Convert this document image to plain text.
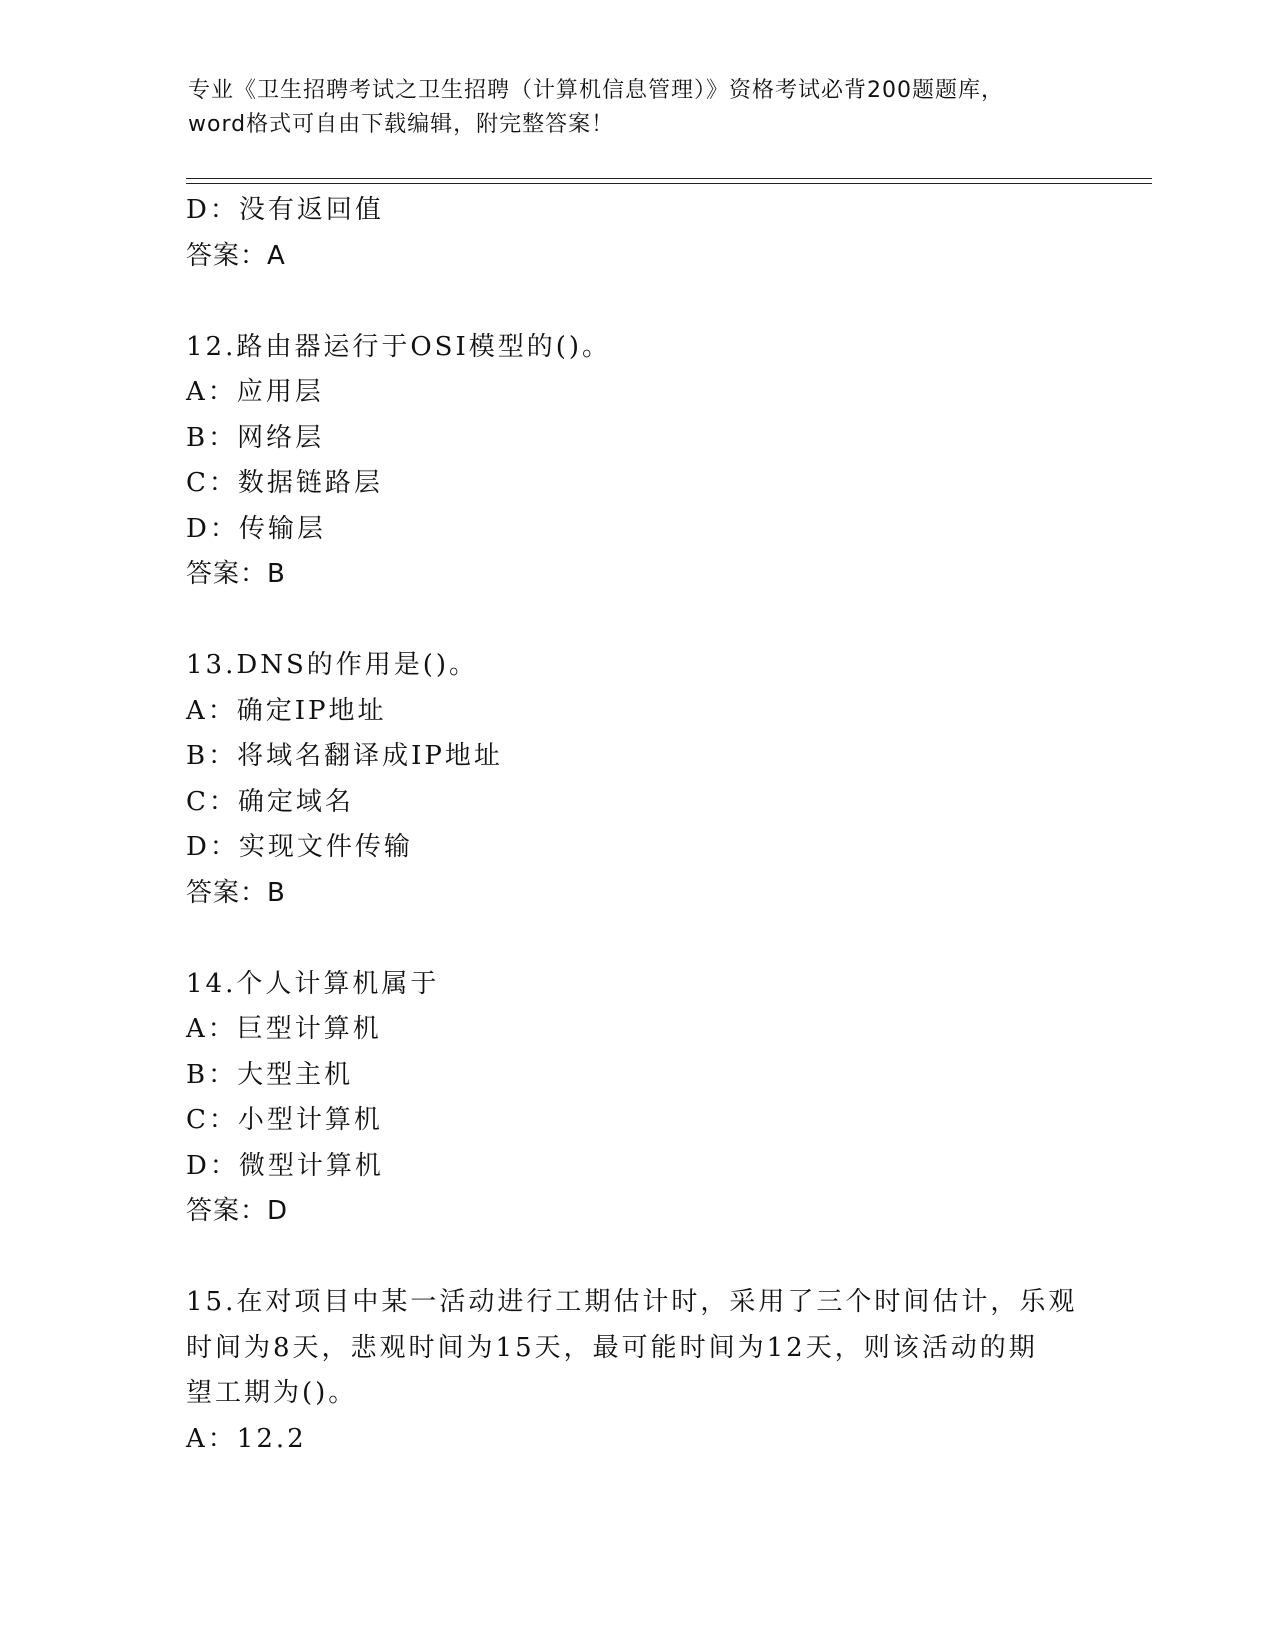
专业《卫生招聘考试之卫生招聘（计算机信息管理）》资格考试必背200题题库，
word格式可自由下载编辑，附完整答案！
D：没有返回值
答案：A
12.路由器运行于OSI模型的()。
A：应用层
B：网络层
C：数据链路层
D：传输层
答案：B
13.DNS的作用是()。
A：确定IP地址
B：将域名翻译成IP地址
C：确定域名
D：实现文件传输
答案：B
14.个人计算机属于
A：巨型计算机
B：大型主机
C：小型计算机
D：微型计算机
答案：D
15.在对项目中某一活动进行工期估计时，采用了三个时间估计，乐观
时间为8天，悲观时间为15天，最可能时间为12天，则该活动的期
望工期为()。
A：12.2
